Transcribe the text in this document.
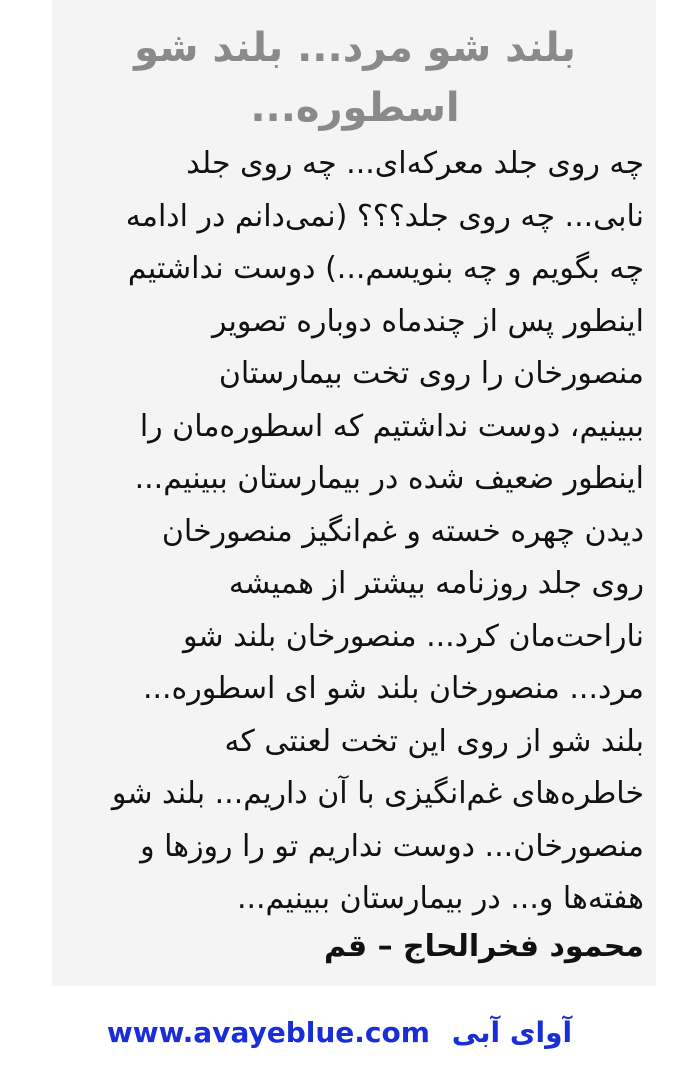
بلند شو مرد... بلند شو
اسطوره...
چه روی جلد معرکه‌ای... چه روی جلد
نابی... چه روی جلد؟؟؟ (نمی‌دانم در ادامه
چه بگویم و چه بنویسم...) دوست نداشتیم
اینطور پس از چندماه دوباره تصویر
منصورخان را روی تخت بیمارستان
ببینیم، دوست نداشتیم که اسطوره‌مان را
اینطور ضعیف شده در بیمارستان ببینیم...
دیدن چهره خسته و غم‌انگیز منصورخان
روی جلد روزنامه بیشتر از همیشه
ناراحت‌مان کرد... منصورخان بلند شو
مرد... منصورخان بلند شو ای اسطوره...
بلند شو از روی این تخت لعنتی که
خاطره‌های غم‌انگیزی با آن داریم... بلند شو
منصورخان... دوست نداریم تو را روزها و
هفته‌ها و... در بیمارستان ببینیم...
محمود فخرالحاج – قم
www.avayeblue.com آوای آبی
